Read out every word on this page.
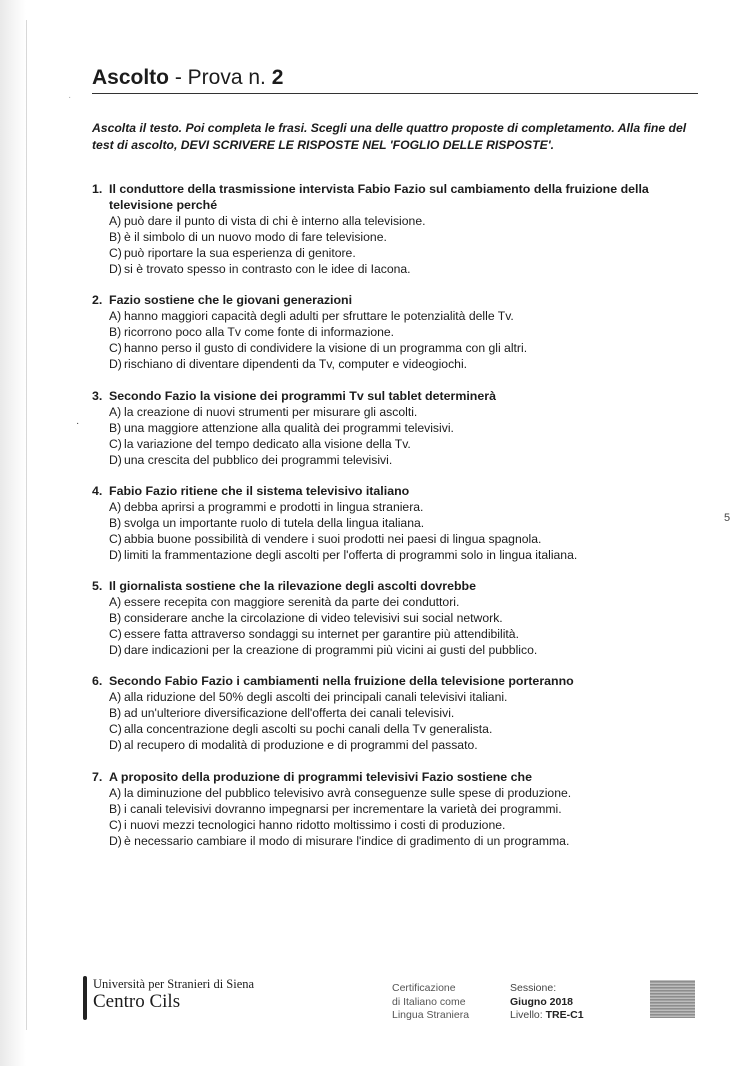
Ascolto - Prova n. 2
Ascolta il testo. Poi completa le frasi. Scegli una delle quattro proposte di completamento. Alla fine del test di ascolto, DEVI SCRIVERE LE RISPOSTE NEL 'FOGLIO DELLE RISPOSTE'.
1. Il conduttore della trasmissione intervista Fabio Fazio sul cambiamento della fruizione della televisione perché
A) può dare il punto di vista di chi è interno alla televisione.
B) è il simbolo di un nuovo modo di fare televisione.
C) può riportare la sua esperienza di genitore.
D) si è trovato spesso in contrasto con le idee di Iacona.
2. Fazio sostiene che le giovani generazioni
A) hanno maggiori capacità degli adulti per sfruttare le potenzialità delle Tv.
B) ricorrono poco alla Tv come fonte di informazione.
C) hanno perso il gusto di condividere la visione di un programma con gli altri.
D) rischiano di diventare dipendenti da Tv, computer e videogiochi.
3. Secondo Fazio la visione dei programmi Tv sul tablet determinerà
A) la creazione di nuovi strumenti per misurare gli ascolti.
B) una maggiore attenzione alla qualità dei programmi televisivi.
C) la variazione del tempo dedicato alla visione della Tv.
D) una crescita del pubblico dei programmi televisivi.
4. Fabio Fazio ritiene che il sistema televisivo italiano
A) debba aprirsi a programmi e prodotti in lingua straniera.
B) svolga un importante ruolo di tutela della lingua italiana.
C) abbia buone possibilità di vendere i suoi prodotti nei paesi di lingua spagnola.
D) limiti la frammentazione degli ascolti per l'offerta di programmi solo in lingua italiana.
5. Il giornalista sostiene che la rilevazione degli ascolti dovrebbe
A) essere recepita con maggiore serenità da parte dei conduttori.
B) considerare anche la circolazione di video televisivi sui social network.
C) essere fatta attraverso sondaggi su internet per garantire più attendibilità.
D) dare indicazioni per la creazione di programmi più vicini ai gusti del pubblico.
6. Secondo Fabio Fazio i cambiamenti nella fruizione della televisione porteranno
A) alla riduzione del 50% degli ascolti dei principali canali televisivi italiani.
B) ad un'ulteriore diversificazione dell'offerta dei canali televisivi.
C) alla concentrazione degli ascolti su pochi canali della Tv generalista.
D) al recupero di modalità di produzione e di programmi del passato.
7. A proposito della produzione di programmi televisivi Fazio sostiene che
A) la diminuzione del pubblico televisivo avrà conseguenze sulle spese di produzione.
B) i canali televisivi dovranno impegnarsi per incrementare la varietà dei programmi.
C) i nuovi mezzi tecnologici hanno ridotto moltissimo i costi di produzione.
D) è necessario cambiare il modo di misurare l'indice di gradimento di un programma.
5
Università per Stranieri di Siena
Centro Cils
Certificazione
di Italiano come
Lingua Straniera
Sessione:
Giugno 2018
Livello: TRE-C1
·
·
